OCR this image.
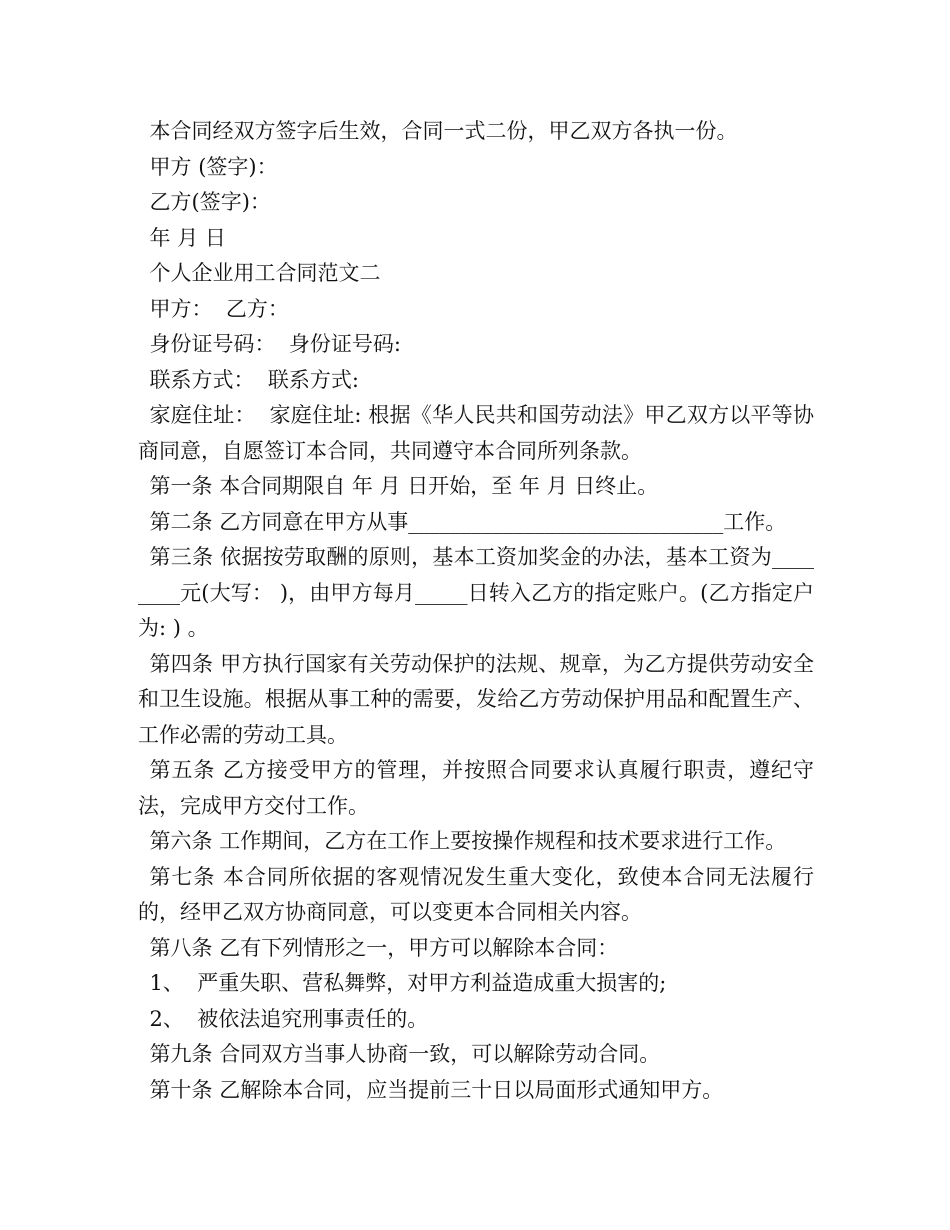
本合同经双方签字后生效，合同一式二份，甲乙双方各执一份。

甲方 (签字)：

乙方(签字)：

年 月 日

个人企业用工合同范文二

甲方：  乙方：

身份证号码：  身份证号码:

联系方式：  联系方式:

家庭住址：  家庭住址: 根据《华人民共和国劳动法》甲乙双方以平等协商同意，自愿签订本合同，共同遵守本合同所列条款。

第一条 本合同期限自 年 月 日开始，至 年 月 日终止。

第二条 乙方同意在甲方从事______________________________工作。

第三条 依据按劳取酬的原则，基本工资加奖金的办法，基本工资为________元(大写： )，由甲方每月_____日转入乙方的指定账户。(乙方指定户为: ) 。

第四条 甲方执行国家有关劳动保护的法规、规章，为乙方提供劳动安全和卫生设施。根据从事工种的需要，发给乙方劳动保护用品和配置生产、工作必需的劳动工具。

第五条 乙方接受甲方的管理，并按照合同要求认真履行职责，遵纪守法，完成甲方交付工作。

第六条 工作期间，乙方在工作上要按操作规程和技术要求进行工作。

第七条 本合同所依据的客观情况发生重大变化，致使本合同无法履行的，经甲乙双方协商同意，可以变更本合同相关内容。

第八条 乙有下列情形之一，甲方可以解除本合同：

1、  严重失职、营私舞弊，对甲方利益造成重大损害的;

2、  被依法追究刑事责任的。

第九条 合同双方当事人协商一致，可以解除劳动合同。

第十条 乙解除本合同，应当提前三十日以局面形式通知甲方。
